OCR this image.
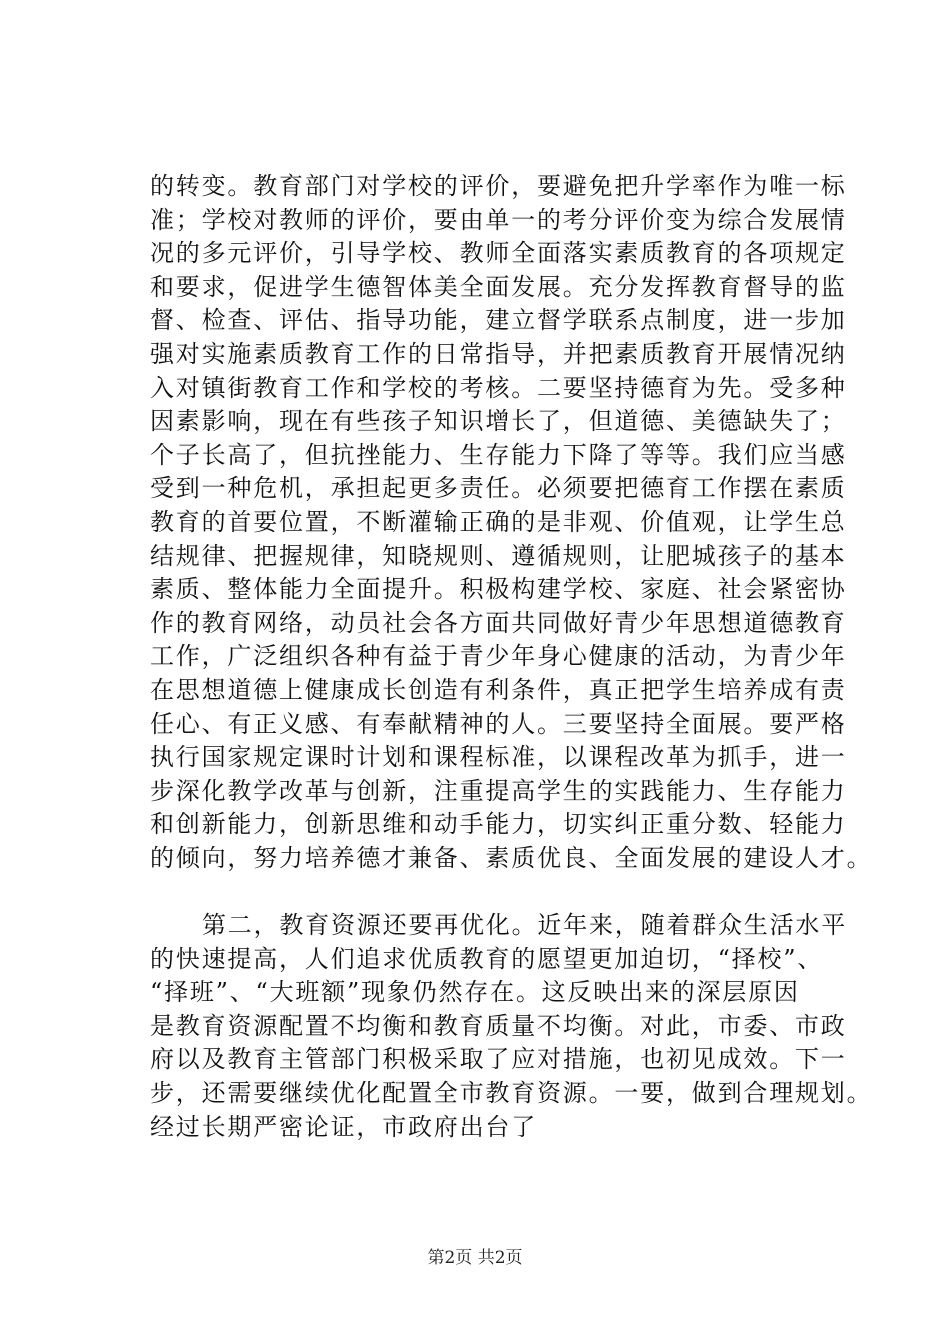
的转变。教育部门对学校的评价，要避免把升学率作为唯一标
准；学校对教师的评价，要由单一的考分评价变为综合发展情
况的多元评价，引导学校、教师全面落实素质教育的各项规定
和要求，促进学生德智体美全面发展。充分发挥教育督导的监
督、检查、评估、指导功能，建立督学联系点制度，进一步加
强对实施素质教育工作的日常指导，并把素质教育开展情况纳
入对镇街教育工作和学校的考核。二要坚持德育为先。受多种
因素影响，现在有些孩子知识增长了，但道德、美德缺失了；
个子长高了，但抗挫能力、生存能力下降了等等。我们应当感
受到一种危机，承担起更多责任。必须要把德育工作摆在素质
教育的首要位置，不断灌输正确的是非观、价值观，让学生总
结规律、把握规律，知晓规则、遵循规则，让肥城孩子的基本
素质、整体能力全面提升。积极构建学校、家庭、社会紧密协
作的教育网络，动员社会各方面共同做好青少年思想道德教育
工作，广泛组织各种有益于青少年身心健康的活动，为青少年
在思想道德上健康成长创造有利条件，真正把学生培养成有责
任心、有正义感、有奉献精神的人。三要坚持全面展。要严格
执行国家规定课时计划和课程标准，以课程改革为抓手，进一
步深化教学改革与创新，注重提高学生的实践能力、生存能力
和创新能力，创新思维和动手能力，切实纠正重分数、轻能力
的倾向，努力培养德才兼备、素质优良、全面发展的建设人才。
第二，教育资源还要再优化。近年来，随着群众生活水平
的快速提高，人们追求优质教育的愿望更加迫切，“择校”、
“择班”、“大班额”现象仍然存在。这反映出来的深层原因
是教育资源配置不均衡和教育质量不均衡。对此，市委、市政
府以及教育主管部门积极采取了应对措施，也初见成效。下一
步，还需要继续优化配置全市教育资源。一要，做到合理规划。
经过长期严密论证，市政府出台了
第2页 共2页
